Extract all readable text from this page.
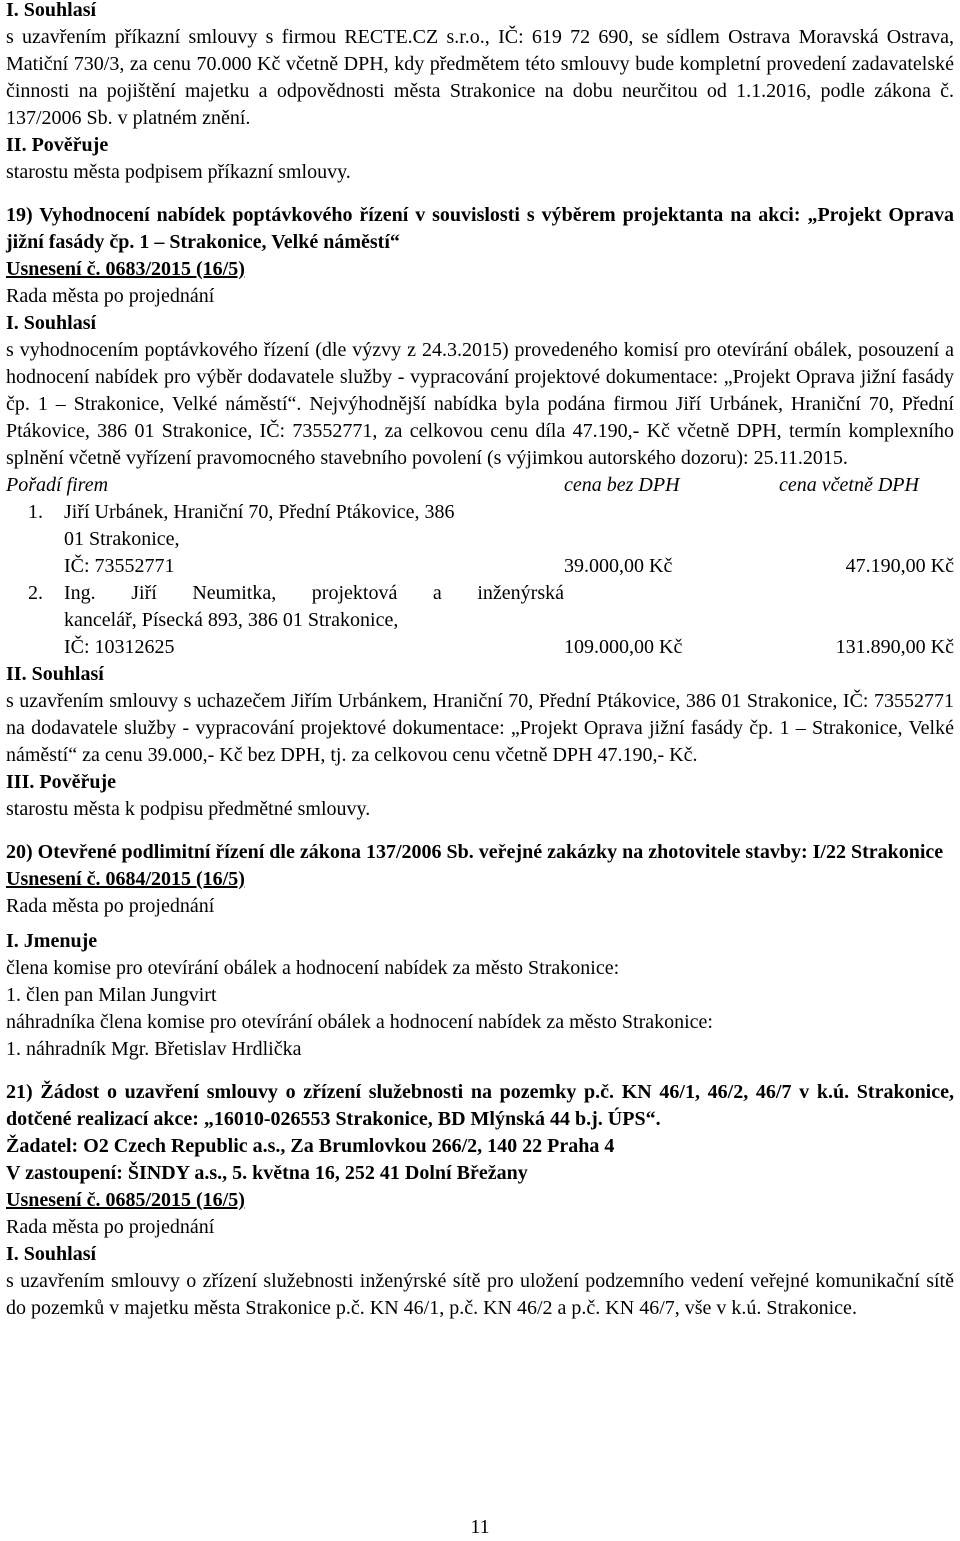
I. Souhlasí

s uzavřením příkazní smlouvy s firmou RECTE.CZ s.r.o., IČ: 619 72 690, se sídlem Ostrava Moravská Ostrava, Matiční 730/3, za cenu 70.000 Kč včetně DPH, kdy předmětem této smlouvy bude kompletní provedení zadavatelské činnosti na pojištění majetku a odpovědnosti města Strakonice na dobu neurčitou od 1.1.2016, podle zákona č. 137/2006 Sb. v platném znění.

II. Pověřuje

starostu města podpisem příkazní smlouvy.

19) Vyhodnocení nabídek poptávkového řízení v souvislosti s výběrem projektanta na akci: „Projekt Oprava jižní fasády čp. 1 – Strakonice, Velké náměstí“

Usnesení č. 0683/2015 (16/5)

Rada města po projednání

I. Souhlasí

s vyhodnocením poptávkového řízení (dle výzvy z 24.3.2015) provedeného komisí pro otevírání obálek, posouzení a hodnocení nabídek pro výběr dodavatele služby - vypracování projektové dokumentace: „Projekt Oprava jižní fasády čp. 1 – Strakonice, Velké náměstí“. Nejvýhodnější nabídka byla podána firmou Jiří Urbánek, Hraniční 70, Přední Ptákovice, 386 01 Strakonice, IČ: 73552771, za celkovou cenu díla 47.190,- Kč včetně DPH, termín komplexního splnění včetně vyřízení pravomocného stavebního povolení (s výjimkou autorského dozoru): 25.11.2015.

Pořadí firem	cena bez DPH	cena včetně DPH
1.	Jiří Urbánek, Hraniční 70, Přední Ptákovice, 386
01 Strakonice,
IČ: 73552771	39.000,00 Kč	47.190,00 Kč
2.	Ing. Jiří Neumitka, projektová a inženýrská
kancelář, Písecká 893, 386 01 Strakonice,
IČ: 10312625	109.000,00 Kč	131.890,00 Kč

II. Souhlasí

s uzavřením smlouvy s uchazečem Jiřím Urbánkem, Hraniční 70, Přední Ptákovice, 386 01 Strakonice, IČ: 73552771 na dodavatele služby - vypracování projektové dokumentace: „Projekt Oprava jižní fasády čp. 1 – Strakonice, Velké náměstí“ za cenu 39.000,- Kč bez DPH, tj. za celkovou cenu včetně DPH 47.190,- Kč.

III. Pověřuje

starostu města k podpisu předmětné smlouvy.

20) Otevřené podlimitní řízení dle zákona 137/2006 Sb. veřejné zakázky na zhotovitele stavby: I/22 Strakonice

Usnesení č. 0684/2015 (16/5)

Rada města po projednání

I. Jmenuje

člena komise pro otevírání obálek a hodnocení nabídek za město Strakonice:

1. člen pan Milan Jungvirt

náhradníka člena komise pro otevírání obálek a hodnocení nabídek za město Strakonice:

1. náhradník Mgr. Břetislav Hrdlička

21) Žádost o uzavření smlouvy o zřízení služebnosti na pozemky p.č. KN 46/1, 46/2, 46/7 v k.ú. Strakonice, dotčené realizací akce: „16010-026553 Strakonice, BD Mlýnská 44 b.j. ÚPS“.

Žadatel: O2 Czech Republic a.s., Za Brumlovkou 266/2, 140 22 Praha 4

V zastoupení: ŠINDY a.s., 5. května 16, 252 41 Dolní Břežany

Usnesení č. 0685/2015 (16/5)

Rada města po projednání

I. Souhlasí

s uzavřením smlouvy o zřízení služebnosti inženýrské sítě pro uložení podzemního vedení veřejné komunikační sítě do pozemků v majetku města Strakonice p.č. KN 46/1, p.č. KN 46/2 a p.č. KN 46/7, vše v k.ú. Strakonice.

11
